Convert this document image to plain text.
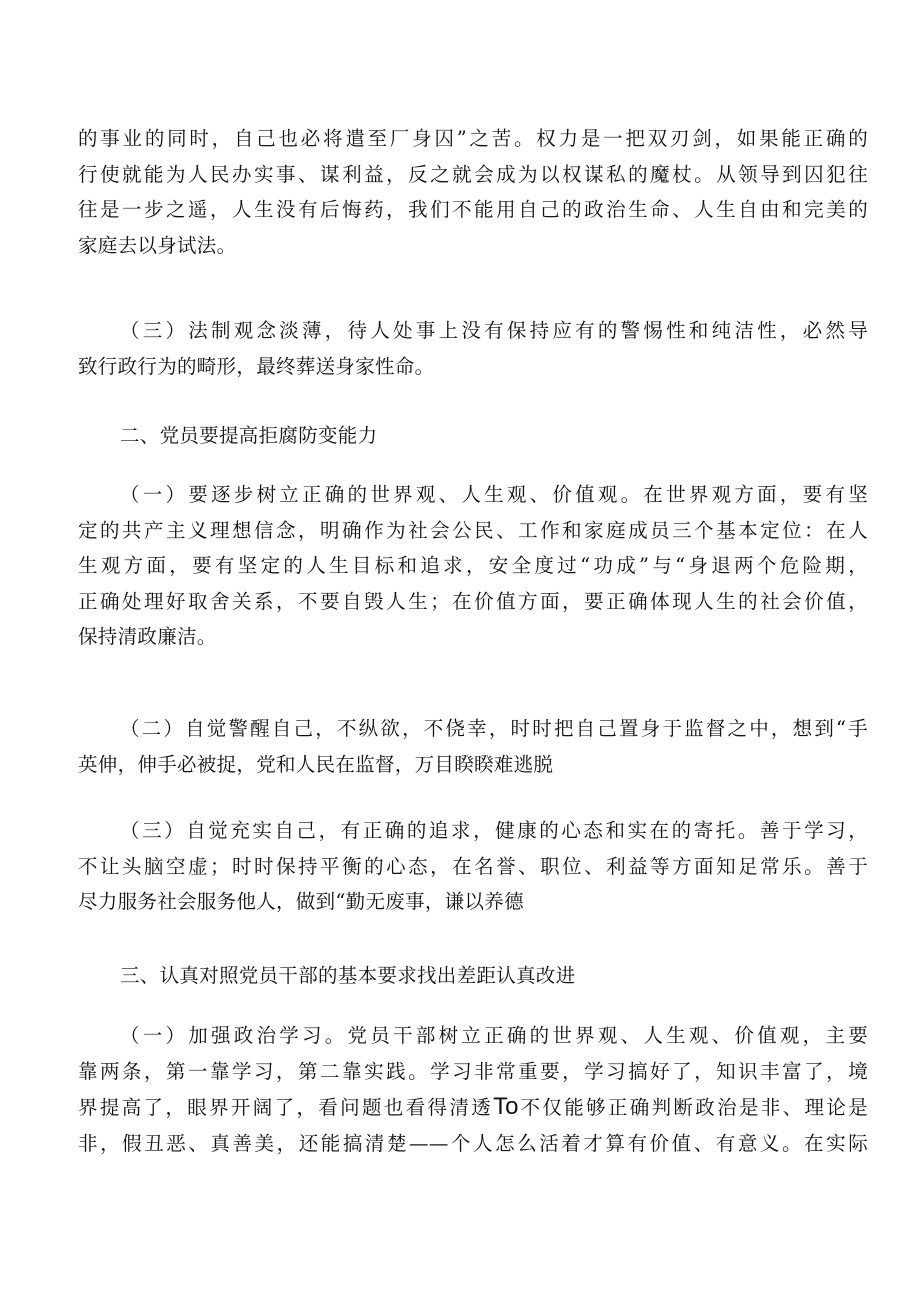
的事业的同时，自己也必将遣至厂身囚”之苦。权力是一把双刃剑，如果能正确的
行使就能为人民办实事、谋利益，反之就会成为以权谋私的魔杖。从领导到囚犯往
往是一步之遥，人生没有后悔药，我们不能用自己的政治生命、人生自由和完美的
家庭去以身试法。
（三）法制观念淡薄，待人处事上没有保持应有的警惕性和纯洁性，必然导
致行政行为的畸形，最终葬送身家性命。
二、党员要提高拒腐防变能力
（一）要逐步树立正确的世界观、人生观、价值观。在世界观方面，要有坚
定的共产主义理想信念，明确作为社会公民、工作和家庭成员三个基本定位：在人
生观方面，要有坚定的人生目标和追求，安全度过“功成”与“身退两个危险期，
正确处理好取舍关系，不要自毁人生；在价值方面，要正确体现人生的社会价值，
保持清政廉洁。
（二）自觉警醒自己，不纵欲，不侥幸，时时把自己置身于监督之中，想到“手
英伸，伸手必被捉，党和人民在监督，万目睽睽难逃脱
（三）自觉充实自己，有正确的追求，健康的心态和实在的寄托。善于学习，
不让头脑空虚；时时保持平衡的心态，在名誉、职位、利益等方面知足常乐。善于
尽力服务社会服务他人，做到“勤无废事，谦以养德
三、认真对照党员干部的基本要求找出差距认真改进
（一）加强政治学习。党员干部树立正确的世界观、人生观、价值观，主要
靠两条，第一靠学习，第二靠实践。学习非常重要，学习搞好了，知识丰富了，境
界提高了，眼界开阔了，看问题也看得清透To不仅能够正确判断政治是非、理论是
非，假丑恶、真善美，还能搞清楚——个人怎么活着才算有价值、有意义。在实际
